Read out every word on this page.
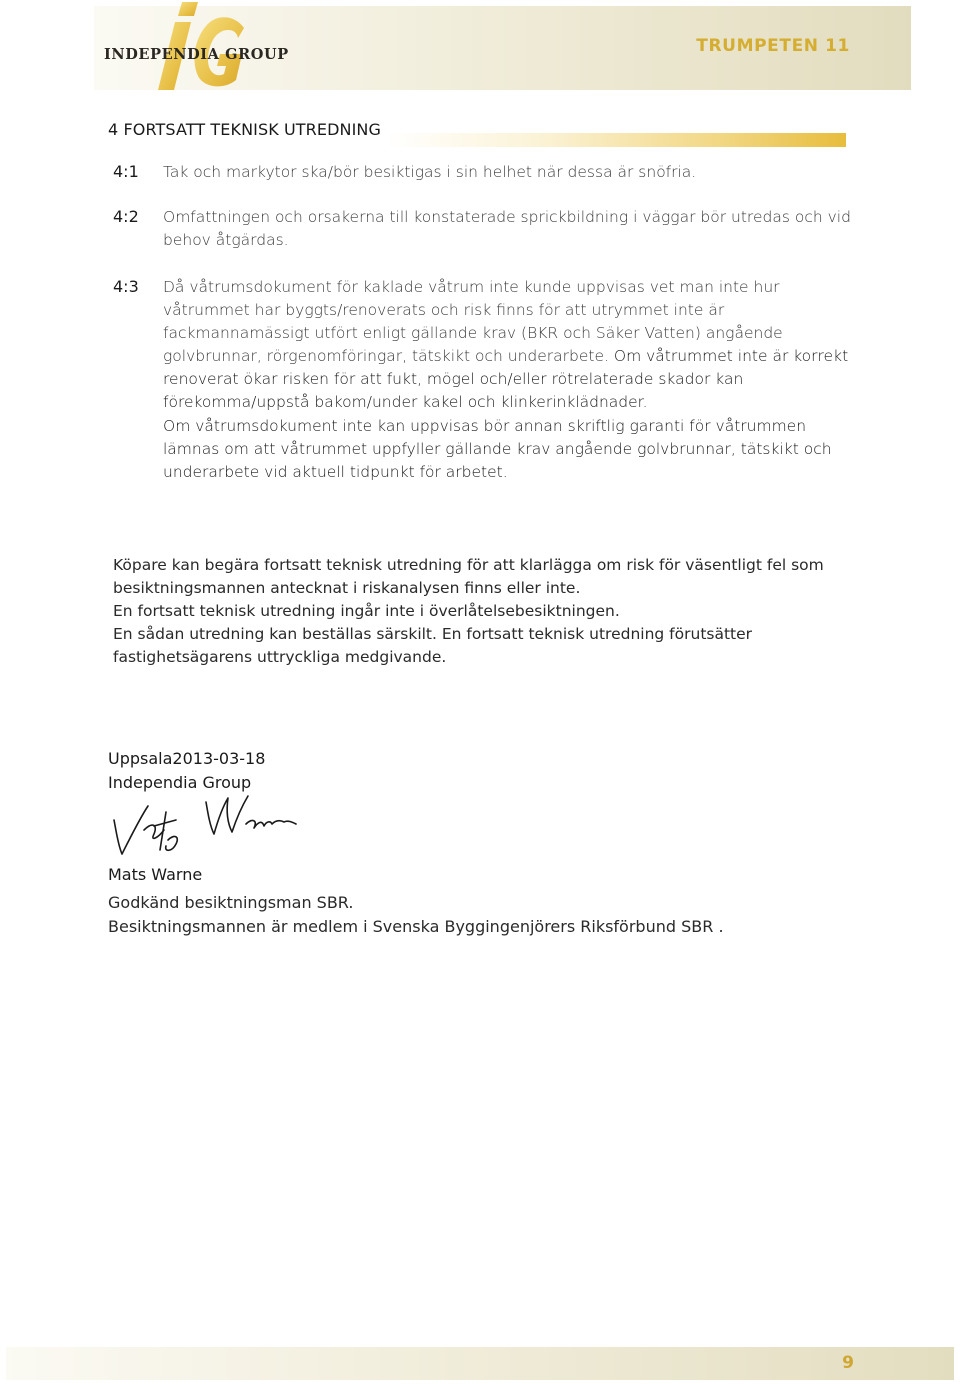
INDEPENDIA GROUP	TRUMPETEN 11
4 FORTSATT TEKNISK UTREDNING
4:1 Tak och markytor ska/bör besiktigas i sin helhet när dessa är snöfria.
4:2 Omfattningen och orsakerna till konstaterade sprickbildning i väggar bör utredas och vid behov åtgärdas.
4:3 Då våtrumsdokument för kaklade våtrum inte kunde uppvisas vet man inte hur våtrummet har byggts/renoverats och risk finns för att utrymmet inte är fackmannamässigt utfört enligt gällande krav (BKR och Säker Vatten) angående golvbrunnar, rörgenomföringar, tätskikt och underarbete. Om våtrummet inte är korrekt renoverat ökar risken för att fukt, mögel och/eller rötrelaterade skador kan förekomma/uppstå bakom/under kakel och klinkerinklädnader.
Om våtrumsdokument inte kan uppvisas bör annan skriftlig garanti för våtrummen lämnas om att våtrummet uppfyller gällande krav angående golvbrunnar, tätskikt och underarbete vid aktuell tidpunkt för arbetet.
Köpare kan begära fortsatt teknisk utredning för att klarlägga om risk för väsentligt fel som besiktningsmannen antecknat i riskanalysen finns eller inte.
En fortsatt teknisk utredning ingår inte i överlåtelsebesiktningen.
En sådan utredning kan beställas särskilt. En fortsatt teknisk utredning förutsätter fastighetsägarens uttryckliga medgivande.
Uppsala2013-03-18
Independia Group
Mats Warne
Godkänd besiktningsman SBR.
Besiktningsmannen är medlem i Svenska Byggingenjörers Riksförbund SBR .
9
